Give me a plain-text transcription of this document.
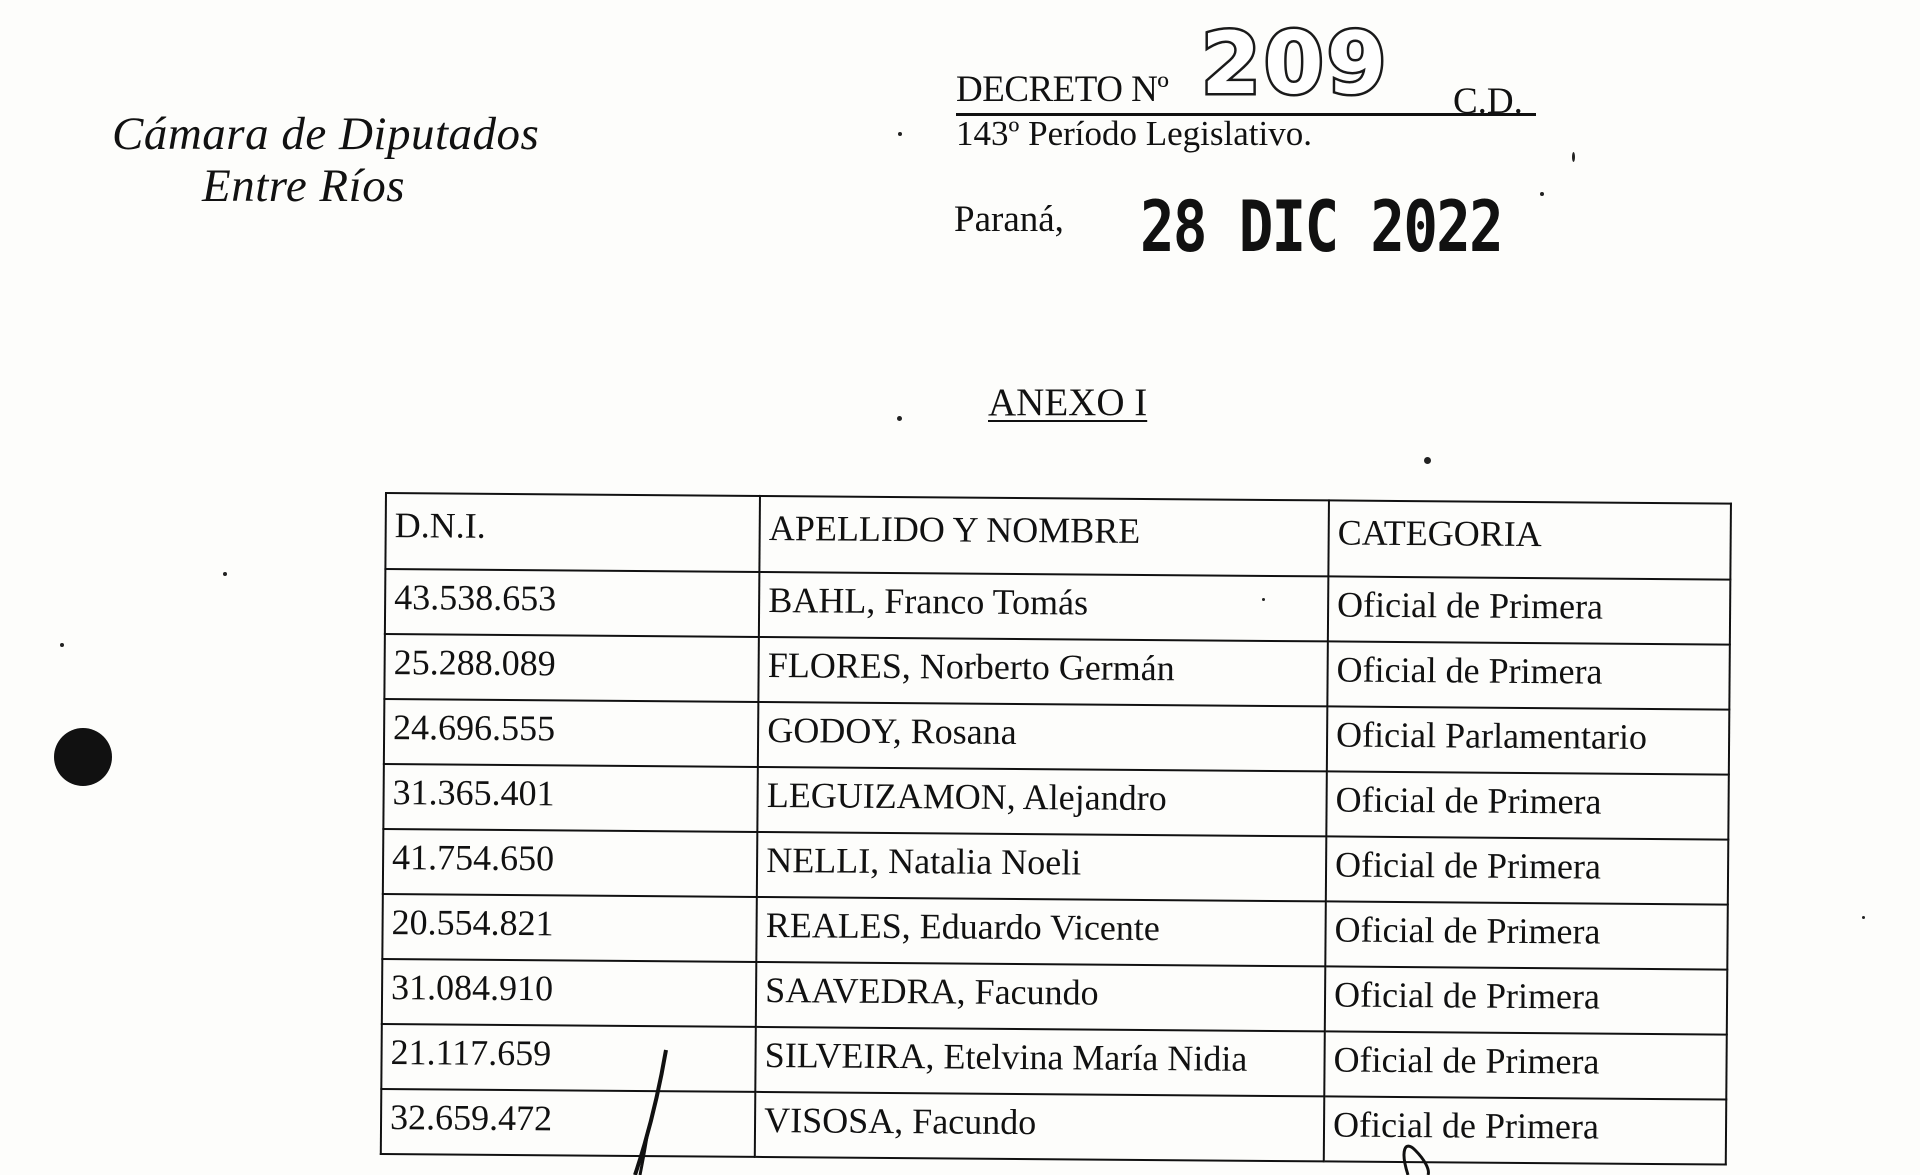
Cámara de Diputados
Entre Ríos
DECRETO Nº 209 C.D.
143º Período Legislativo.
Paraná, 28 DIC 2022
ANEXO I
D.N.I.	APELLIDO Y NOMBRE	CATEGORIA
43.538.653	BAHL, Franco Tomás	Oficial de Primera
25.288.089	FLORES, Norberto Germán	Oficial de Primera
24.696.555	GODOY, Rosana	Oficial Parlamentario
31.365.401	LEGUIZAMON, Alejandro	Oficial de Primera
41.754.650	NELLI, Natalia Noeli	Oficial de Primera
20.554.821	REALES, Eduardo Vicente	Oficial de Primera
31.084.910	SAAVEDRA, Facundo	Oficial de Primera
21.117.659	SILVEIRA, Etelvina María Nidia	Oficial de Primera
32.659.472	VISOSA, Facundo	Oficial de Primera
